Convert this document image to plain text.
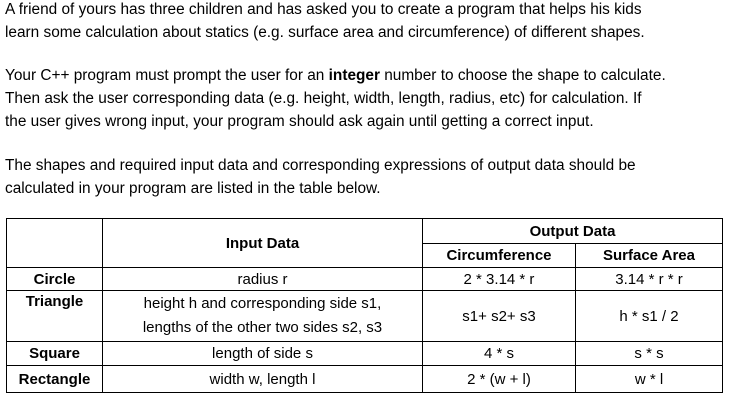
A friend of yours has three children and has asked you to create a program that helps his kids
learn some calculation about statics (e.g. surface area and circumference) of different shapes.

Your C++ program must prompt the user for an integer number to choose the shape to calculate.
Then ask the user corresponding data (e.g. height, width, length, radius, etc) for calculation. If
the user gives wrong input, your program should ask again until getting a correct input.

The shapes and required input data and corresponding expressions of output data should be
calculated in your program are listed in the table below.

	Input Data	Output Data	
		Circumference	Surface Area
Circle	radius r	2 * 3.14 * r	3.14 * r * r
Triangle	height h and corresponding side s1,
lengths of the other two sides s2, s3	s1+ s2+ s3	h * s1 / 2
Square	length of side s	4 * s	s * s
Rectangle	width w, length l	2 * (w + l)	w * l
